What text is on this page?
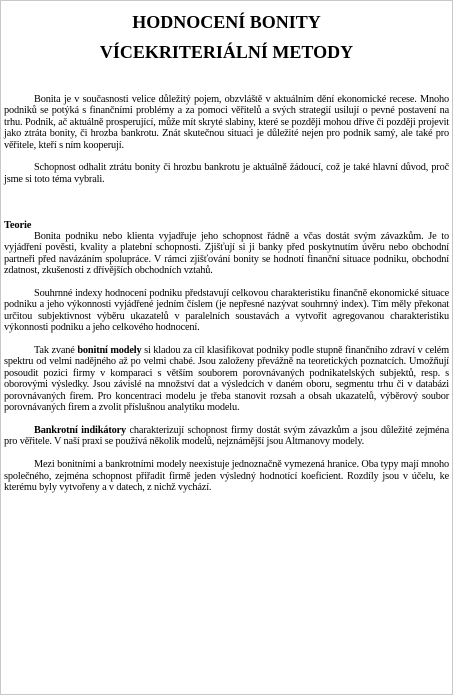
HODNOCENÍ BONITY
VÍCEKRITERIÁLNÍ METODY

Bonita je v současnosti velice důležitý pojem, obzvláště v aktuálním dění ekonomické recese. Mnoho podniků se potýká s finančními problémy a za pomoci věřitelů a svých strategií usilují o pevné postavení na trhu. Podnik, ač aktuálně prosperující, může mít skryté slabiny, které se později mohou dříve či později projevit jako ztráta bonity, či hrozba bankrotu. Znát skutečnou situaci je důležité nejen pro podnik samý, ale také pro věřitele, kteří s ním kooperují.

Schopnost odhalit ztrátu bonity či hrozbu bankrotu je aktuálně žádoucí, což je také hlavní důvod, proč jsme si toto téma vybrali.

Teorie

Bonita podniku nebo klienta vyjadřuje jeho schopnost řádně a včas dostát svým závazkům. Je to vyjádření pověsti, kvality a platební schopnosti. Zjišťují si ji banky před poskytnutím úvěru nebo obchodní partneři před navázáním spolupráce. V rámci zjišťování bonity se hodnotí finanční situace podniku, obchodní zdatnost, zkušenosti z dřívějších obchodních vztahů.

Souhrnné indexy hodnocení podniku představují celkovou charakteristiku finančně ekonomické situace podniku a jeho výkonnosti vyjádřené jedním číslem (je nepřesné nazývat souhrnný index). Tím měly překonat určitou subjektivnost výběru ukazatelů v paralelních soustavách a vytvořit agregovanou charakteristiku výkonnosti podniku a jeho celkového hodnocení.

Tak zvané bonitní modely si kladou za cíl klasifikovat podniky podle stupně finančního zdraví v celém spektru od velmi nadějného až po velmi chabé. Jsou založeny převážně na teoretických poznatcích. Umožňují posoudit pozici firmy v komparaci s větším souborem porovnávaných podnikatelských subjektů, resp. s oborovými výsledky. Jsou závislé na množství dat a výsledcích v daném oboru, segmentu trhu či v databázi porovnávaných firem. Pro koncentraci modelu je třeba stanovit rozsah a obsah ukazatelů, výběrový soubor porovnávaných firem a zvolit příslušnou analytiku modelu.

Bankrotní indikátory charakterizují schopnost firmy dostát svým závazkům a jsou důležité zejména pro věřitele. V naší praxi se používá několik modelů, nejznámější jsou Altmanovy modely.

Mezi bonitními a bankrotními modely neexistuje jednoznačně vymezená hranice. Oba typy mají mnoho společného, zejména schopnost přiřadit firmě jeden výsledný hodnotící koeficient. Rozdíly jsou v účelu, ke kterému byly vytvořeny a v datech, z nichž vychází.
